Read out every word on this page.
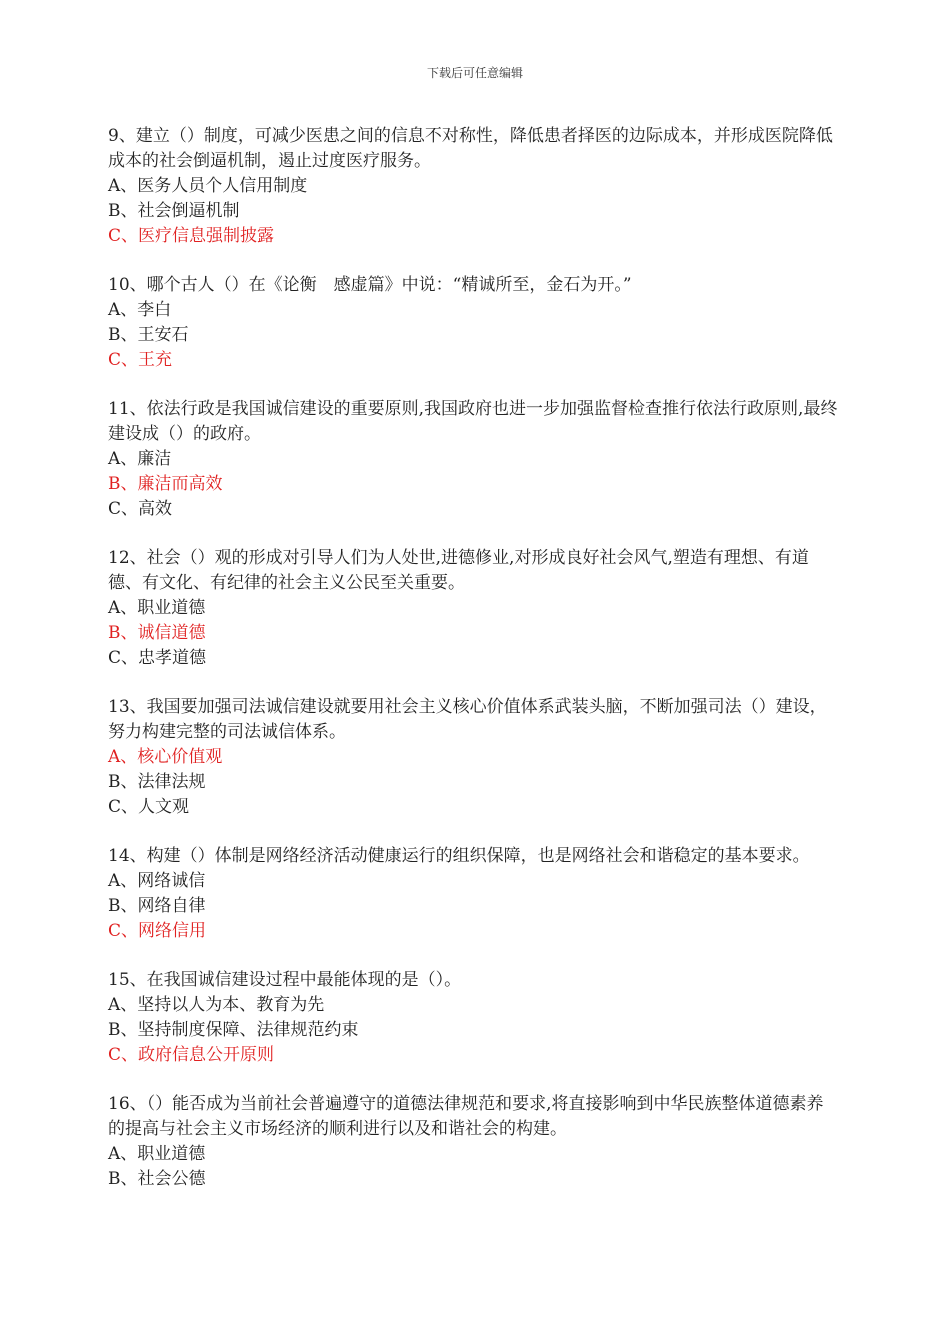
下载后可任意编辑
9、建立（）制度，可减少医患之间的信息不对称性，降低患者择医的边际成本，并形成医院降低成本的社会倒逼机制，遏止过度医疗服务。
A、医务人员个人信用制度
B、社会倒逼机制
C、医疗信息强制披露
10、哪个古人（）在《论衡　感虚篇》中说：“精诚所至，金石为开。”
A、李白
B、王安石
C、王充
11、依法行政是我国诚信建设的重要原则,我国政府也进一步加强监督检查推行依法行政原则,最终建设成（）的政府。
A、廉洁
B、廉洁而高效
C、高效
12、社会（）观的形成对引导人们为人处世,进德修业,对形成良好社会风气,塑造有理想、有道德、有文化、有纪律的社会主义公民至关重要。
A、职业道德
B、诚信道德
C、忠孝道德
13、我国要加强司法诚信建设就要用社会主义核心价值体系武装头脑，不断加强司法（）建设，努力构建完整的司法诚信体系。
A、核心价值观
B、法律法规
C、人文观
14、构建（）体制是网络经济活动健康运行的组织保障，也是网络社会和谐稳定的基本要求。
A、网络诚信
B、网络自律
C、网络信用
15、在我国诚信建设过程中最能体现的是（）。
A、坚持以人为本、教育为先
B、坚持制度保障、法律规范约束
C、政府信息公开原则
16、（）能否成为当前社会普遍遵守的道德法律规范和要求,将直接影响到中华民族整体道德素养的提高与社会主义市场经济的顺利进行以及和谐社会的构建。
A、职业道德
B、社会公德
